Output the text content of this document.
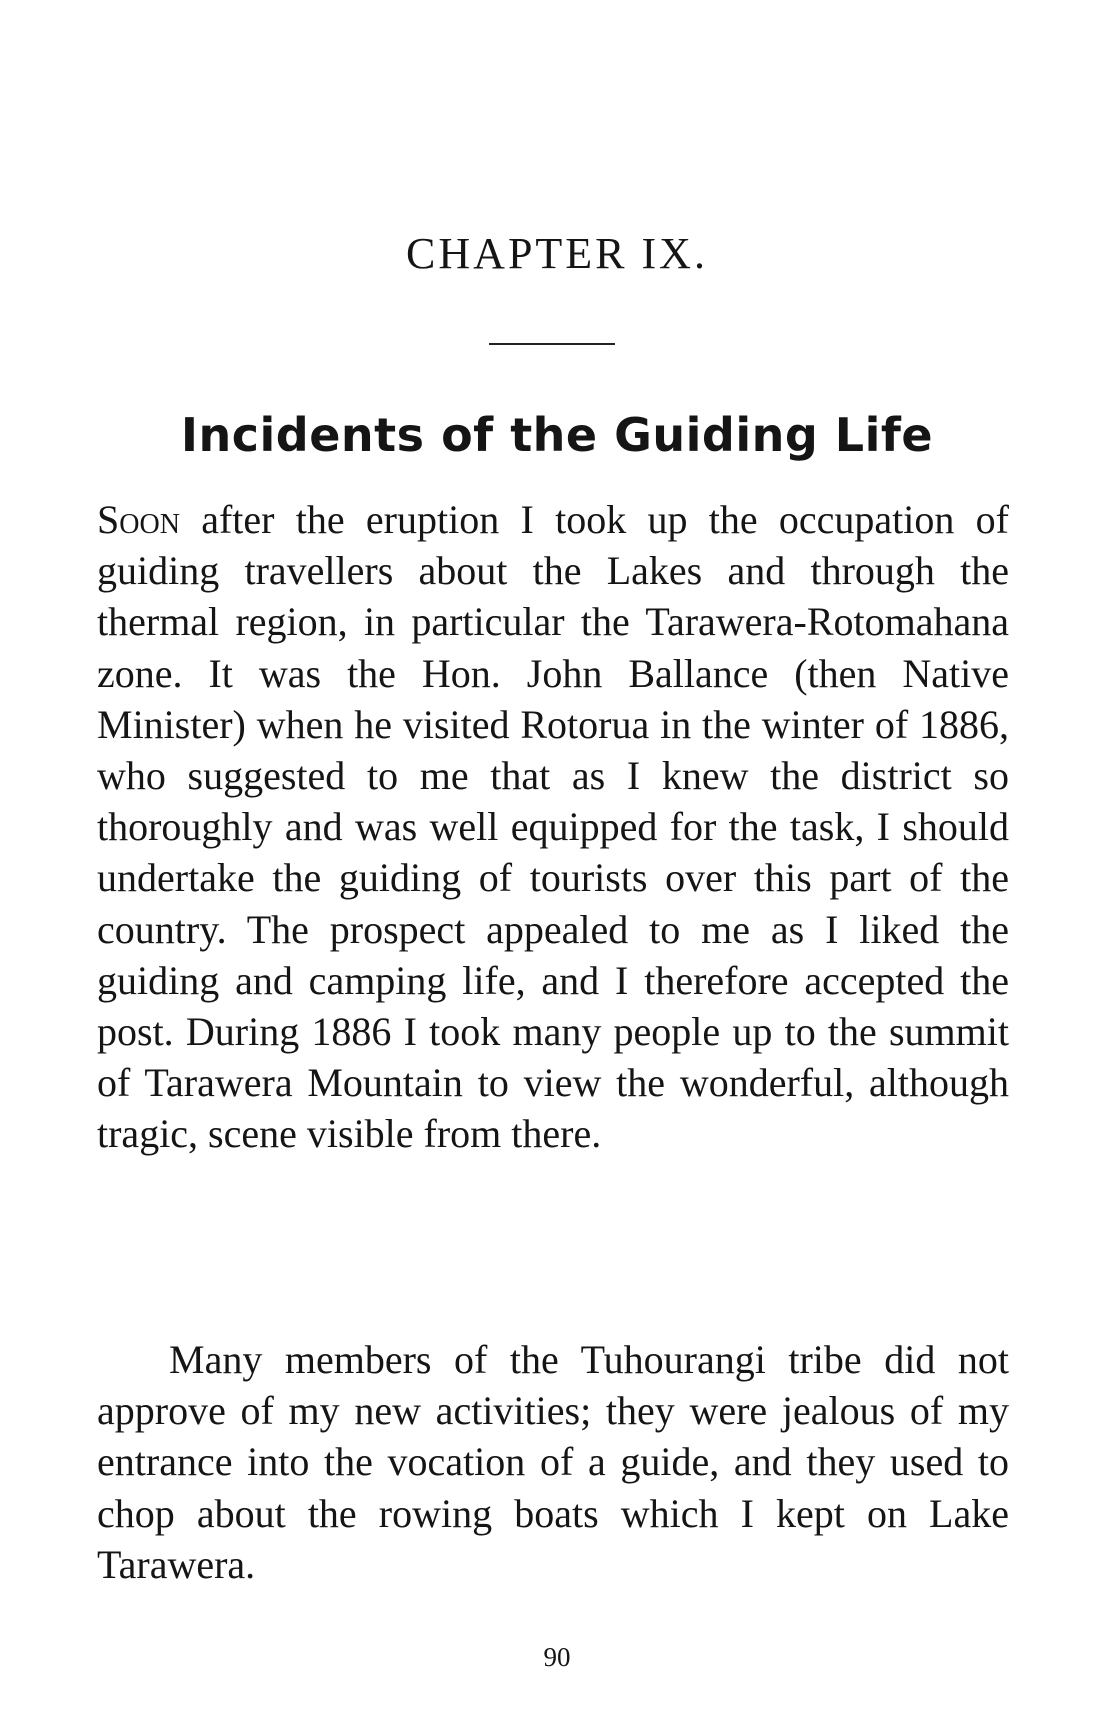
CHAPTER IX.
Incidents of the Guiding Life

Soon after the eruption I took up the occupation of guiding travellers about the Lakes and through the thermal region, in particular the Tarawera-Rotomahana zone. It was the Hon. John Ballance (then Native Minister) when he visited Rotorua in the winter of 1886, who suggested to me that as I knew the district so thoroughly and was well equipped for the task, I should undertake the guiding of tourists over this part of the country. The prospect appealed to me as I liked the guiding and camping life, and I therefore accepted the post. During 1886 I took many people up to the summit of Tarawera Mountain to view the wonderful, although tragic, scene visible from there.

Many members of the Tuhourangi tribe did not approve of my new activities; they were jealous of my entrance into the vocation of a guide, and they used to chop about the rowing boats which I kept on Lake Tarawera.

90
